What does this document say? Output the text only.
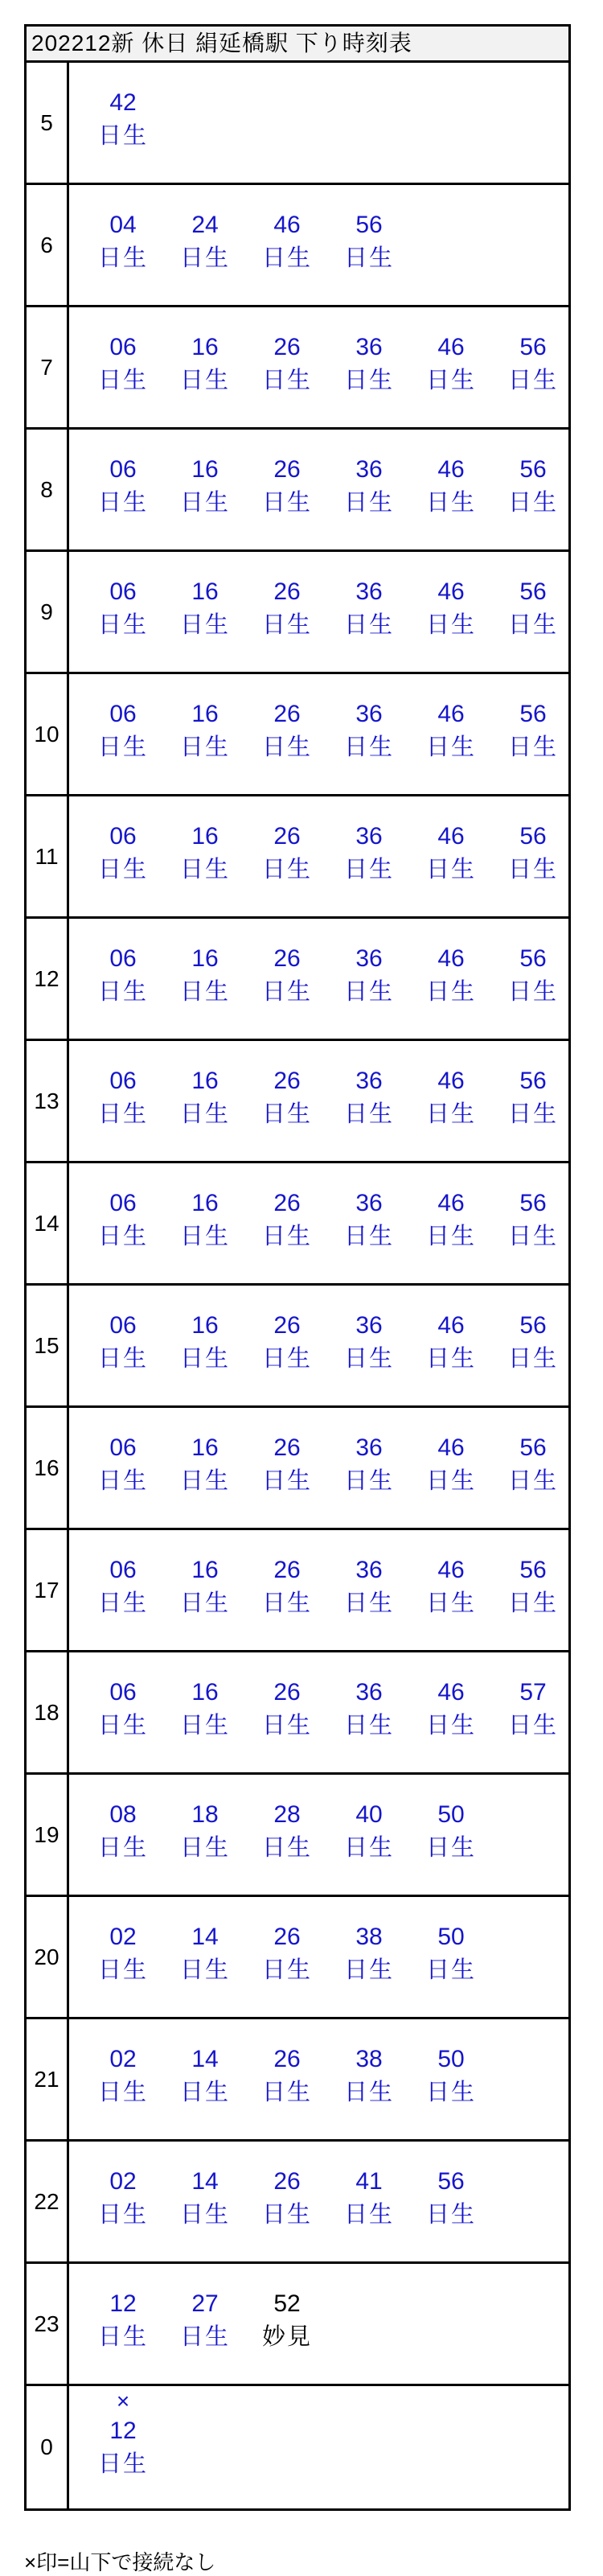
202212新 休日 絹延橋駅 下り時刻表
5
42
日生
6
04
日生
24
日生
46
日生
56
日生
7
06
日生
16
日生
26
日生
36
日生
46
日生
56
日生
8
06
日生
16
日生
26
日生
36
日生
46
日生
56
日生
9
06
日生
16
日生
26
日生
36
日生
46
日生
56
日生
10
06
日生
16
日生
26
日生
36
日生
46
日生
56
日生
11
06
日生
16
日生
26
日生
36
日生
46
日生
56
日生
12
06
日生
16
日生
26
日生
36
日生
46
日生
56
日生
13
06
日生
16
日生
26
日生
36
日生
46
日生
56
日生
14
06
日生
16
日生
26
日生
36
日生
46
日生
56
日生
15
06
日生
16
日生
26
日生
36
日生
46
日生
56
日生
16
06
日生
16
日生
26
日生
36
日生
46
日生
56
日生
17
06
日生
16
日生
26
日生
36
日生
46
日生
56
日生
18
06
日生
16
日生
26
日生
36
日生
46
日生
57
日生
19
08
日生
18
日生
28
日生
40
日生
50
日生
20
02
日生
14
日生
26
日生
38
日生
50
日生
21
02
日生
14
日生
26
日生
38
日生
50
日生
22
02
日生
14
日生
26
日生
41
日生
56
日生
23
12
日生
27
日生
52
妙見
0
×
12
日生
×印=山下で接続なし
